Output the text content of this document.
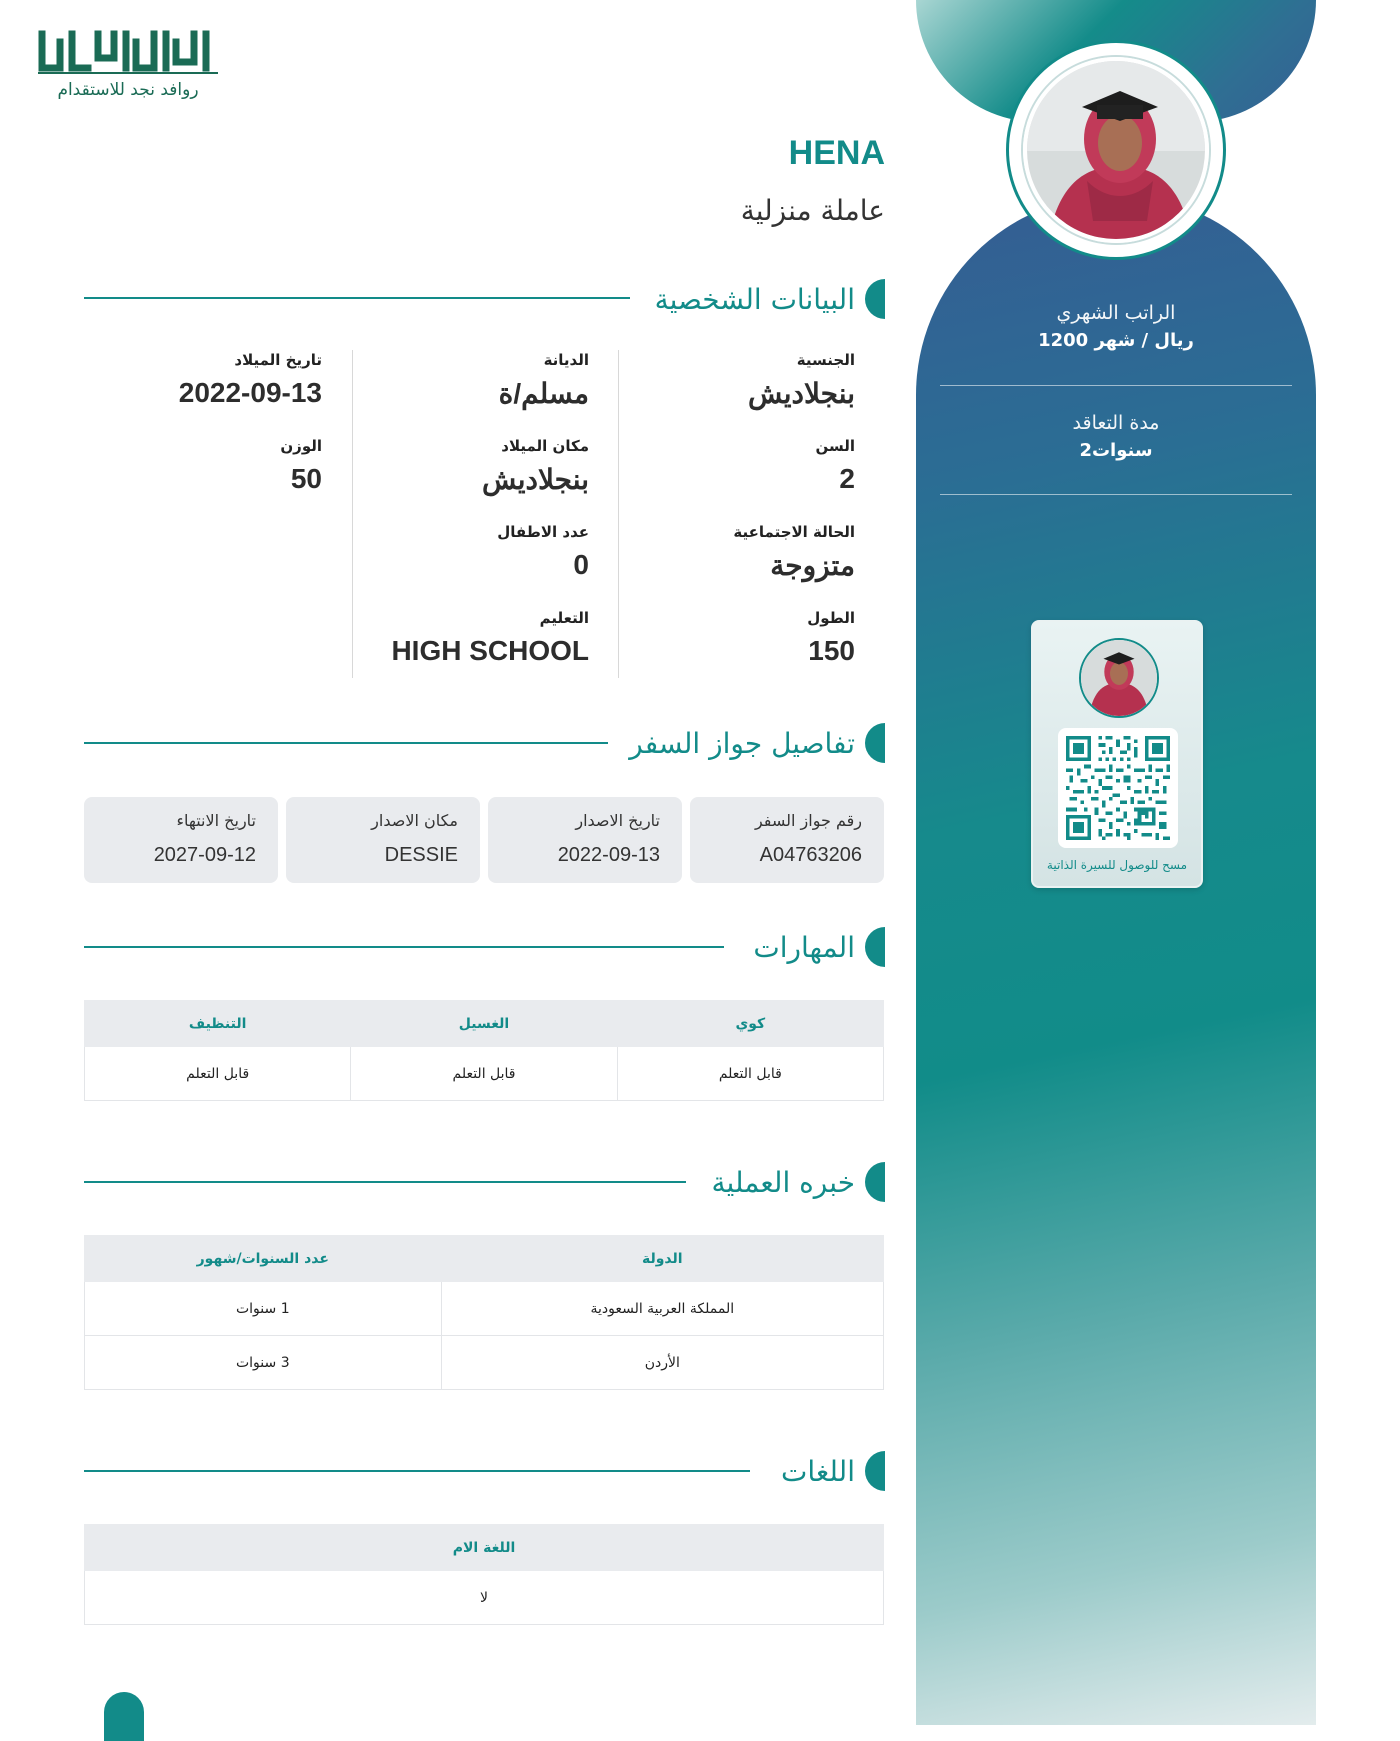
الراتب الشهري
1200 ريال / شهر
مدة التعاقد
2سنوات
مسح للوصول للسيرة الذاتية
روافد نجد للاستقدام
HENA
عاملة منزلية
البيانات الشخصية
الجنسية
بنجلاديش
السن
2
الحالة الاجتماعية
متزوجة
الطول
150
الديانة
مسلم/ة
مكان الميلاد
بنجلاديش
عدد الاطفال
0
التعليم
HIGH SCHOOL
تاريخ الميلاد
2022-09-13
الوزن
50
تفاصيل جواز السفر
رقم جواز السفر
A04763206
تاريخ الاصدار
2022-09-13
مكان الاصدار
DESSIE
تاريخ الانتهاء
2027-09-12
المهارات
كوي	الغسيل	التنظيف
قابل التعلم	قابل التعلم	قابل التعلم
خبره العملية
الدولة	عدد السنوات/شهور
المملكة العربية السعودية	1 سنوات
الأردن	3 سنوات
اللغات
اللغة الام
لا
